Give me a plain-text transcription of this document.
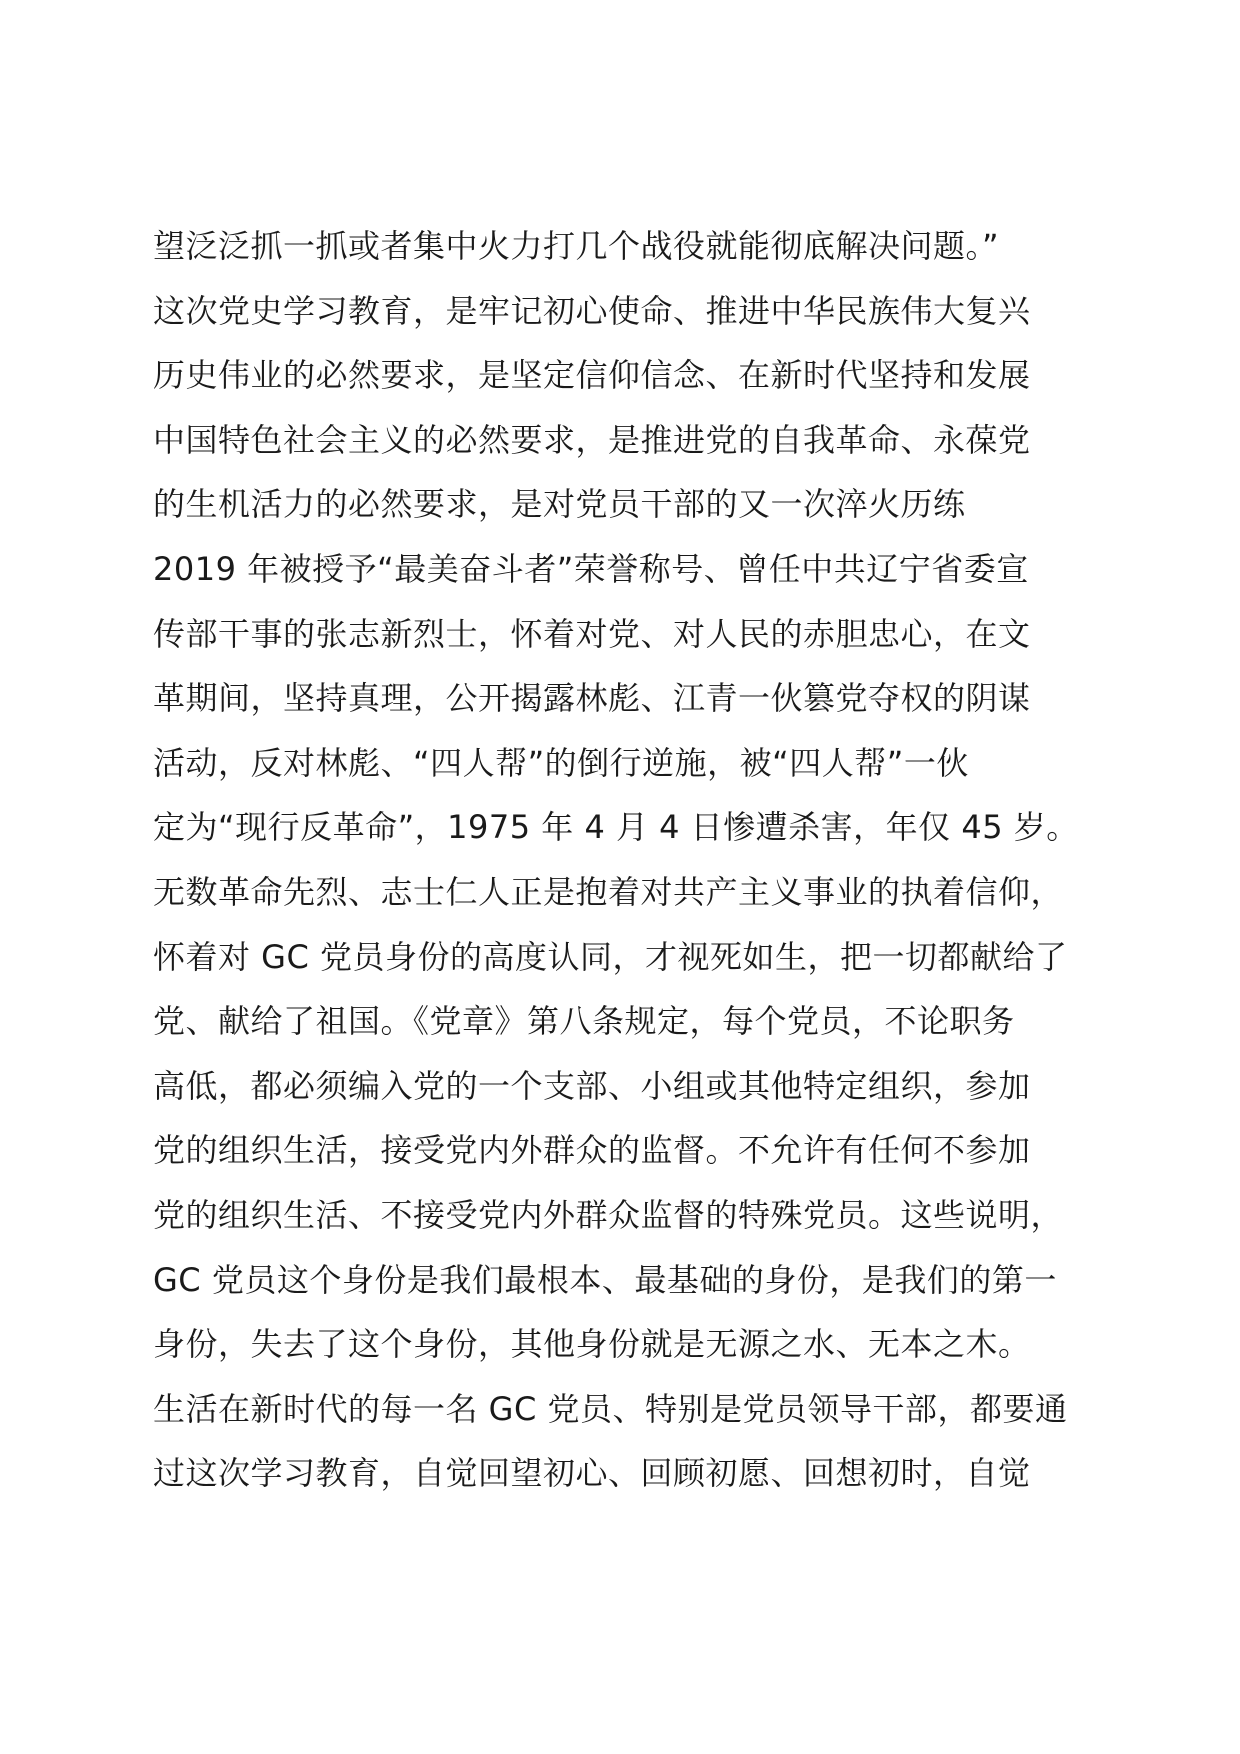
望泛泛抓一抓或者集中火力打几个战役就能彻底解决问题。”
这次党史学习教育，是牢记初心使命、推进中华民族伟大复兴
历史伟业的必然要求，是坚定信仰信念、在新时代坚持和发展
中国特色社会主义的必然要求，是推进党的自我革命、永葆党
的生机活力的必然要求，是对党员干部的又一次淬火历练
2019 年被授予“最美奋斗者”荣誉称号、曾任中共辽宁省委宣
传部干事的张志新烈士，怀着对党、对人民的赤胆忠心，在文
革期间，坚持真理，公开揭露林彪、江青一伙篡党夺权的阴谋
活动，反对林彪、“四人帮”的倒行逆施，被“四人帮”一伙
定为“现行反革命”，1975 年 4 月 4 日惨遭杀害，年仅 45 岁。
无数革命先烈、志士仁人正是抱着对共产主义事业的执着信仰，
怀着对 GC 党员身份的高度认同，才视死如生，把一切都献给了
党、献给了祖国。《党章》第八条规定，每个党员，不论职务
高低，都必须编入党的一个支部、小组或其他特定组织，参加
党的组织生活，接受党内外群众的监督。不允许有任何不参加
党的组织生活、不接受党内外群众监督的特殊党员。这些说明，
GC 党员这个身份是我们最根本、最基础的身份，是我们的第一
身份，失去了这个身份，其他身份就是无源之水、无本之木。
生活在新时代的每一名 GC 党员、特别是党员领导干部，都要通
过这次学习教育，自觉回望初心、回顾初愿、回想初时，自觉
